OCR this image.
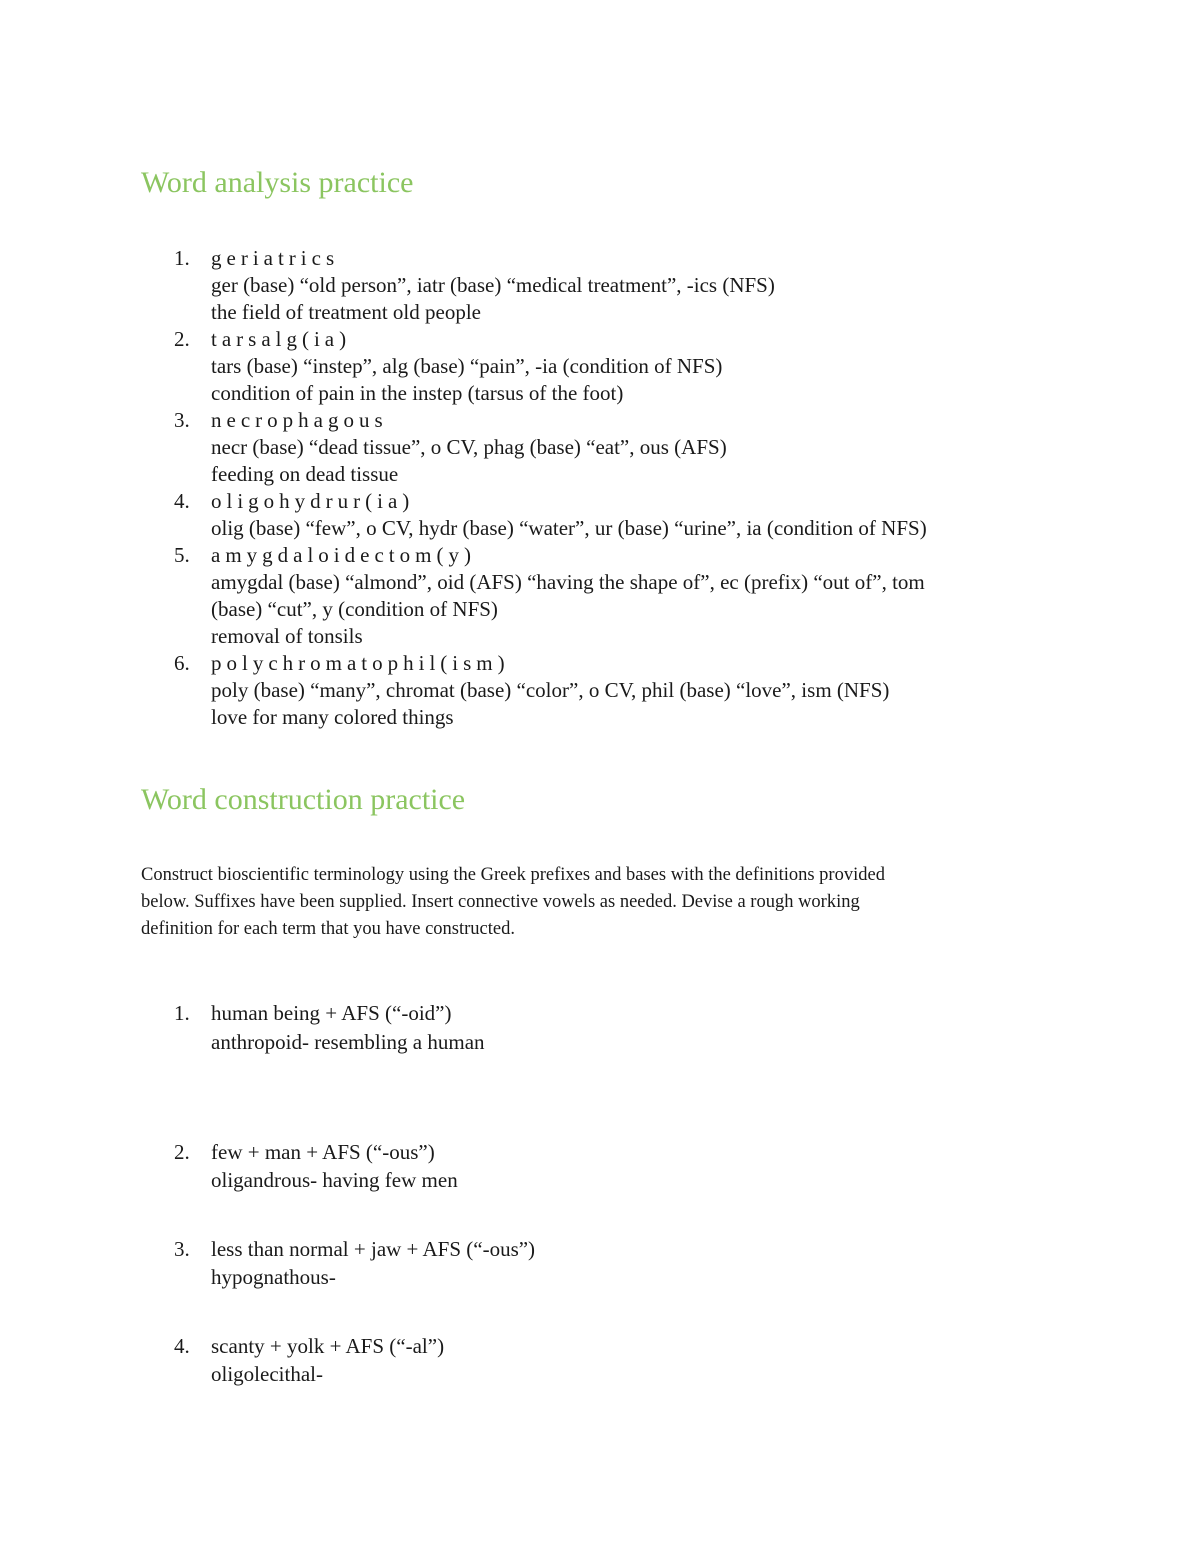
Word analysis practice
1. geriatrics
ger (base) “old person”, iatr (base) “medical treatment”, -ics (NFS)
the field of treatment old people
2. tarsalg(ia)
tars (base) “instep”, alg (base) “pain”, -ia (condition of NFS)
condition of pain in the instep (tarsus of the foot)
3. necrophagous
necr (base) “dead tissue”, o CV, phag (base) “eat”, ous (AFS)
feeding on dead tissue
4. oligohydrur(ia)
olig (base) “few”, o CV, hydr (base) “water”, ur (base) “urine”, ia (condition of NFS)
5. amygdaloidectom(y)
amygdal (base) “almond”, oid (AFS) “having the shape of”, ec (prefix) “out of”, tom
(base) “cut”, y (condition of NFS)
removal of tonsils
6. polychromatophil(ism)
poly (base) “many”, chromat (base) “color”, o CV, phil (base) “love”, ism (NFS)
love for many colored things
Word construction practice

Construct bioscientific terminology using the Greek prefixes and bases with the definitions provided
below. Suffixes have been supplied. Insert connective vowels as needed. Devise a rough working
definition for each term that you have constructed.

1. human being + AFS (“-oid”)
anthropoid- resembling a human
2. few + man + AFS (“-ous”)
oligandrous- having few men
3. less than normal + jaw + AFS (“-ous”)
hypognathous-
4. scanty + yolk + AFS (“-al”)
oligolecithal-
